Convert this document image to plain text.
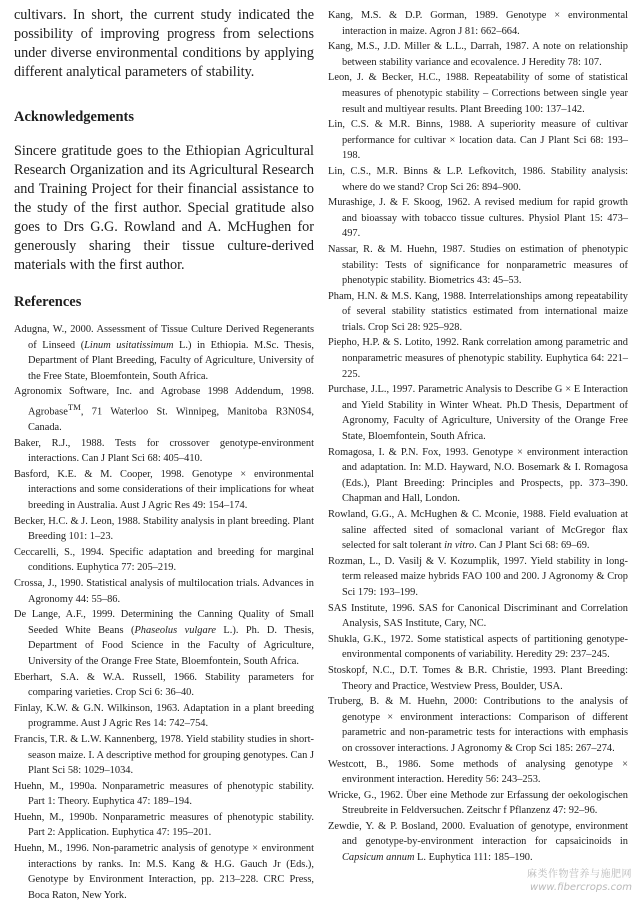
cultivars. In short, the current study indicated the possibility of improving progress from selections under diverse environmental conditions by applying different analytical parameters of stability.

Acknowledgements

Sincere gratitude goes to the Ethiopian Agricultural Research Organization and its Agricultural Research and Training Project for their financial assistance to the study of the first author. Special gratitude also goes to Drs G.G. Rowland and A. McHughen for generously sharing their tissue culture-derived materials with the first author.

References

Adugna, W., 2000. Assessment of Tissue Culture Derived Regenerants of Linseed (Linum usitatissimum L.) in Ethiopia. M.Sc. Thesis, Department of Plant Breeding, Faculty of Agriculture, University of the Free State, Bloemfontein, South Africa.

Agronomix Software, Inc. and Agrobase 1998 Addendum, 1998. Agrobase™, 71 Waterloo St. Winnipeg, Manitoba R3N0S4, Canada.

Baker, R.J., 1988. Tests for crossover genotype-environment interactions. Can J Plant Sci 68: 405–410.

Basford, K.E. & M. Cooper, 1998. Genotype × environmental interactions and some considerations of their implications for wheat breeding in Australia. Aust J Agric Res 49: 154–174.

Becker, H.C. & J. Leon, 1988. Stability analysis in plant breeding. Plant Breeding 101: 1–23.

Ceccarelli, S., 1994. Specific adaptation and breeding for marginal conditions. Euphytica 77: 205–219.

Crossa, J., 1990. Statistical analysis of multilocation trials. Advances in Agronomy 44: 55–86.

De Lange, A.F., 1999. Determining the Canning Quality of Small Seeded White Beans (Phaseolus vulgare L.). Ph. D. Thesis, Department of Food Science in the Faculty of Agriculture, University of the Orange Free State, Bloemfontein, South Africa.

Eberhart, S.A. & W.A. Russell, 1966. Stability parameters for comparing varieties. Crop Sci 6: 36–40.

Finlay, K.W. & G.N. Wilkinson, 1963. Adaptation in a plant breeding programme. Aust J Agric Res 14: 742–754.

Francis, T.R. & L.W. Kannenberg, 1978. Yield stability studies in short-season maize. I. A descriptive method for grouping genotypes. Can J Plant Sci 58: 1029–1034.

Huehn, M., 1990a. Nonparametric measures of phenotypic stability. Part 1: Theory. Euphytica 47: 189–194.

Huehn, M., 1990b. Nonparametric measures of phenotypic stability. Part 2: Application. Euphytica 47: 195–201.

Huehn, M., 1996. Non-parametric analysis of genotype × environment interactions by ranks. In: M.S. Kang & H.G. Gauch Jr (Eds.), Genotype by Environment Interaction, pp. 213–228. CRC Press, Boca Raton, New York.

Kang, M.S. & D.P. Gorman, 1989. Genotype × environmental interaction in maize. Agron J 81: 662–664.

Kang, M.S., J.D. Miller & L.L., Darrah, 1987. A note on relationship between stability variance and ecovalence. J Heredity 78: 107.

Leon, J. & Becker, H.C., 1988. Repeatability of some of statistical measures of phenotypic stability – Corrections between single year result and multiyear results. Plant Breeding 100: 137–142.

Lin, C.S. & M.R. Binns, 1988. A superiority measure of cultivar performance for cultivar × location data. Can J Plant Sci 68: 193–198.

Lin, C.S., M.R. Binns & L.P. Lefkovitch, 1986. Stability analysis: where do we stand? Crop Sci 26: 894–900.

Murashige, J. & F. Skoog, 1962. A revised medium for rapid growth and bioassay with tobacco tissue cultures. Physiol Plant 15: 473–497.

Nassar, R. & M. Huehn, 1987. Studies on estimation of phenotypic stability: Tests of significance for nonparametric measures of phenotypic stability. Biometrics 43: 45–53.

Pham, H.N. & M.S. Kang, 1988. Interrelationships among repeatability of several stability statistics estimated from international maize trials. Crop Sci 28: 925–928.

Piepho, H.P. & S. Lotito, 1992. Rank correlation among parametric and nonparametric measures of phenotypic stability. Euphytica 64: 221–225.

Purchase, J.L., 1997. Parametric Analysis to Describe G × E Interaction and Yield Stability in Winter Wheat. Ph.D Thesis, Department of Agronomy, Faculty of Agriculture, University of the Orange Free State, Bloemfontein, South Africa.

Romagosa, I. & P.N. Fox, 1993. Genotype × environment interaction and adaptation. In: M.D. Hayward, N.O. Bosemark & I. Romagosa (Eds.), Plant Breeding: Principles and Prospects, pp. 373–390. Chapman and Hall, London.

Rowland, G.G., A. McHughen & C. Mconie, 1988. Field evaluation at saline affected sited of somaclonal variant of McGregor flax selected for salt tolerant in vitro. Can J Plant Sci 68: 69–69.

Rozman, L., D. Vasilj & V. Kozumplik, 1997. Yield stability in long-term released maize hybrids FAO 100 and 200. J Agronomy & Crop Sci 179: 193–199.

SAS Institute, 1996. SAS for Canonical Discriminant and Correlation Analysis, SAS Institute, Cary, NC.

Shukla, G.K., 1972. Some statistical aspects of partitioning genotype-environmental components of variability. Heredity 29: 237–245.

Stoskopf, N.C., D.T. Tomes & B.R. Christie, 1993. Plant Breeding: Theory and Practice, Westview Press, Boulder, USA.

Truberg, B. & M. Huehn, 2000: Contributions to the analysis of genotype × environment interactions: Comparison of different parametric and non-parametric tests for interactions with emphasis on crossover interactions. J Agronomy & Crop Sci 185: 267–274.

Westcott, B., 1986. Some methods of analysing genotype × environment interaction. Heredity 56: 243–253.

Wricke, G., 1962. Über eine Methode zur Erfassung der oekologischen Streubreite in Feldversuchen. Zeitschr f Pflanzenz 47: 92–96.

Zewdie, Y. & P. Bosland, 2000. Evaluation of genotype, environment and genotype-by-environment interaction for capsaicinoids in Capsicum annum L. Euphytica 111: 185–190.

麻类作物营养与施肥网
www.fibercrops.com
